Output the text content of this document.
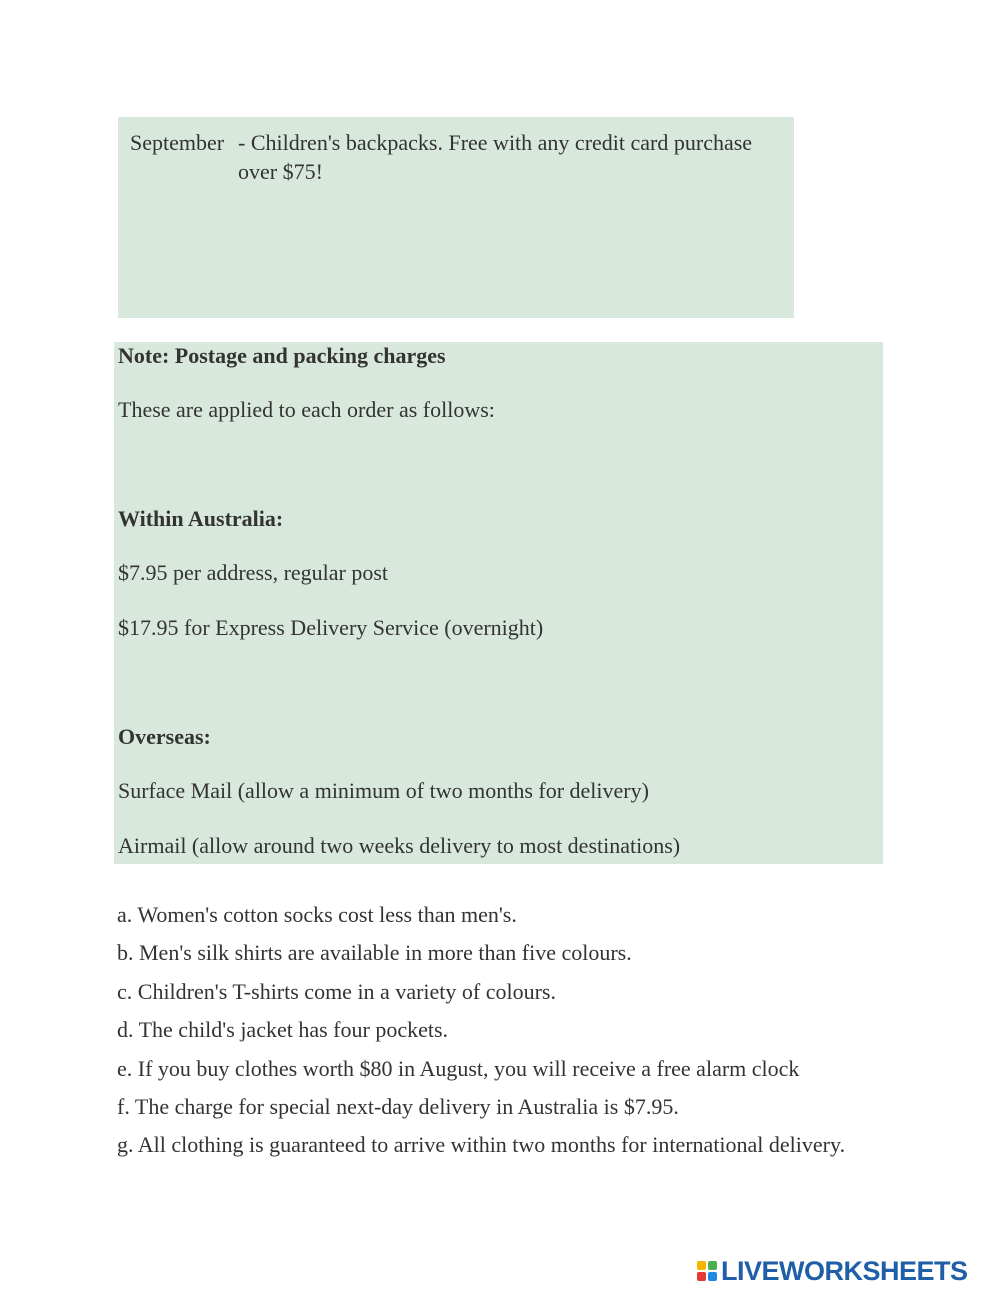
September - Children's backpacks. Free with any credit card purchase over $75!
Note: Postage and packing charges
These are applied to each order as follows:
Within Australia:
$7.95 per address, regular post
$17.95 for Express Delivery Service (overnight)
Overseas:
Surface Mail (allow a minimum of two months for delivery)
Airmail (allow around two weeks delivery to most destinations)
a. Women's cotton socks cost less than men's.
b. Men's silk shirts are available in more than five colours.
c. Children's T-shirts come in a variety of colours.
d. The child's jacket has four pockets.
e. If you buy clothes worth $80 in August, you will receive a free alarm clock
f. The charge for special next-day delivery in Australia is $7.95.
g. All clothing is guaranteed to arrive within two months for international delivery.
LIVEWORKSHEETS
